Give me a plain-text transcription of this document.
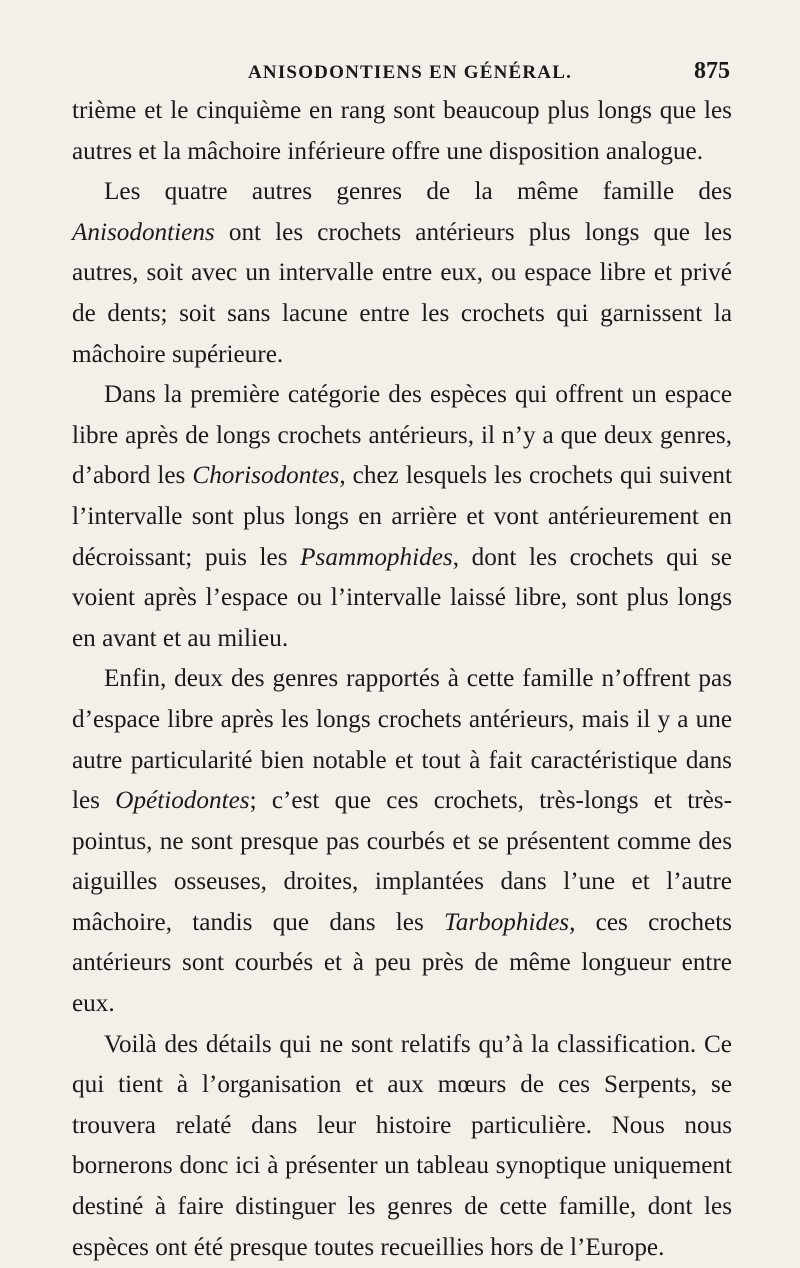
ANISODONTIENS EN GÉNÉRAL.	875

trième et le cinquième en rang sont beaucoup plus longs que les autres et la mâchoire inférieure offre une disposition analogue.

Les quatre autres genres de la même famille des Anisodontiens ont les crochets antérieurs plus longs que les autres, soit avec un intervalle entre eux, ou espace libre et privé de dents; soit sans lacune entre les crochets qui garnissent la mâchoire supérieure.

Dans la première catégorie des espèces qui offrent un espace libre après de longs crochets antérieurs, il n’y a que deux genres, d’abord les Chorisodontes, chez lesquels les crochets qui suivent l’intervalle sont plus longs en arrière et vont antérieurement en décroissant; puis les Psammophides, dont les crochets qui se voient après l’espace ou l’intervalle laissé libre, sont plus longs en avant et au milieu.

Enfin, deux des genres rapportés à cette famille n’offrent pas d’espace libre après les longs crochets antérieurs, mais il y a une autre particularité bien notable et tout à fait caractéristique dans les Opétiodontes; c’est que ces crochets, très-longs et très-pointus, ne sont presque pas courbés et se présentent comme des aiguilles osseuses, droites, implantées dans l’une et l’autre mâchoire, tandis que dans les Tarbophides, ces crochets antérieurs sont courbés et à peu près de même longueur entre eux.

Voilà des détails qui ne sont relatifs qu’à la classification. Ce qui tient à l’organisation et aux mœurs de ces Serpents, se trouvera relaté dans leur histoire particulière. Nous nous bornerons donc ici à présenter un tableau synoptique uniquement destiné à faire distinguer les genres de cette famille, dont les espèces ont été presque toutes recueillies hors de l’Europe.
